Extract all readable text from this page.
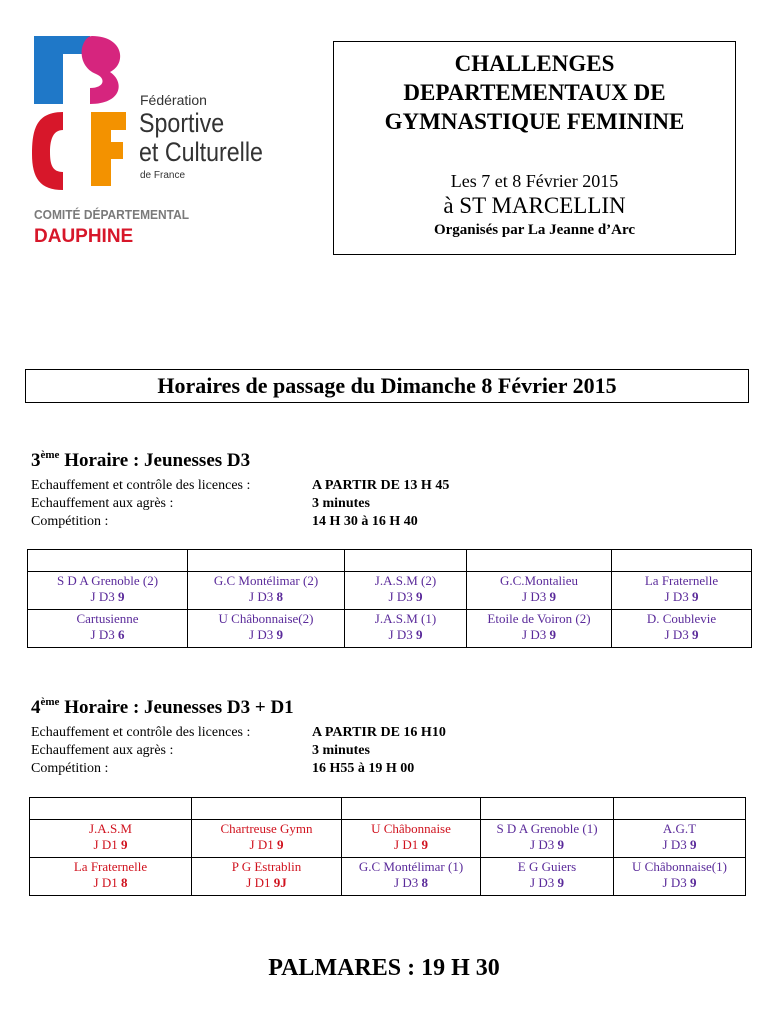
Fédération
Sportive
et Culturelle
de France
COMITÉ DÉPARTEMENTAL
DAUPHINE

CHALLENGES

DEPARTEMENTAUX DE

GYMNASTIQUE FEMININE

Les 7 et 8 Février 2015
à ST MARCELLIN
Organisés par La Jeanne d’Arc
Horaires de passage du Dimanche 8 Février 2015
3ème Horaire : Jeunesses D3
Echauffement et contrôle des licences :
Echauffement aux agrès :
Compétition :
A PARTIR DE 13 H 45
3 minutes
14 H 30 à 16 H 40

S D A Grenoble (2)
J D3 9	G.C Montélimar (2)
J D3 8	J.A.S.M (2)
J D3 9	G.C.Montalieu
J D3 9	La Fraternelle
J D3 9

Cartusienne
J D3 6	U Châbonnaise(2)
J D3 9	J.A.S.M (1)
J D3 9	Etoile de Voiron (2)
J D3 9	D. Coublevie
J D3 9
4ème Horaire : Jeunesses D3 + D1
Echauffement et contrôle des licences :
Echauffement aux agrès :
Compétition :
A PARTIR DE 16 H10
3 minutes
16 H55 à 19 H 00

J.A.S.M
J D1 9	Chartreuse Gymn
J D1 9	U Châbonnaise
J D1 9	S D A Grenoble (1)
J D3 9	A.G.T
J D3 9

La Fraternelle
J D1 8	P G Estrablin
J D1 9J	G.C Montélimar (1)
J D3 8	E G Guiers
J D3 9	U Châbonnaise(1)
J D3 9
PALMARES : 19 H 30
